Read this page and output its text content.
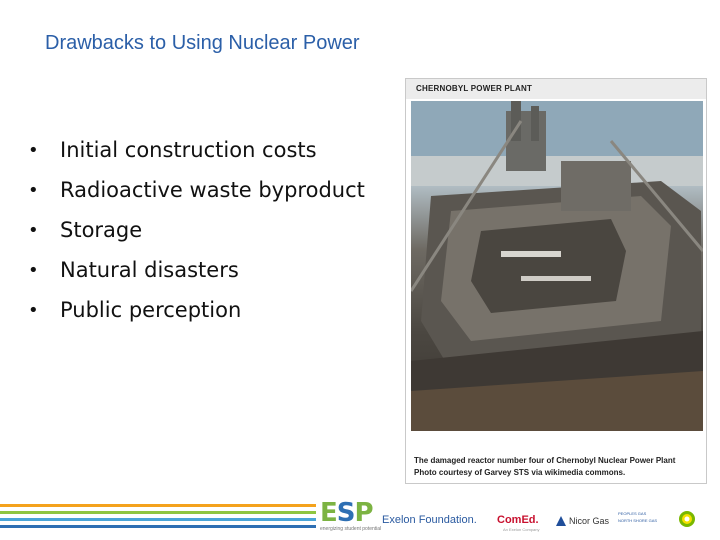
Drawbacks to Using Nuclear Power
•	Initial construction costs
•	Radioactive waste byproduct
•	Storage
•	Natural disasters
•	Public perception
CHERNOBYL POWER PLANT
The damaged reactor number four of Chernobyl Nuclear Power Plant
Photo courtesy of Garvey STS via wikimedia commons.
ESP
energizing student potential
Exelon Foundation. ComEd.
An Exelon Company
Nicor Gas
PEOPLES GAS
NORTH SHORE GAS
